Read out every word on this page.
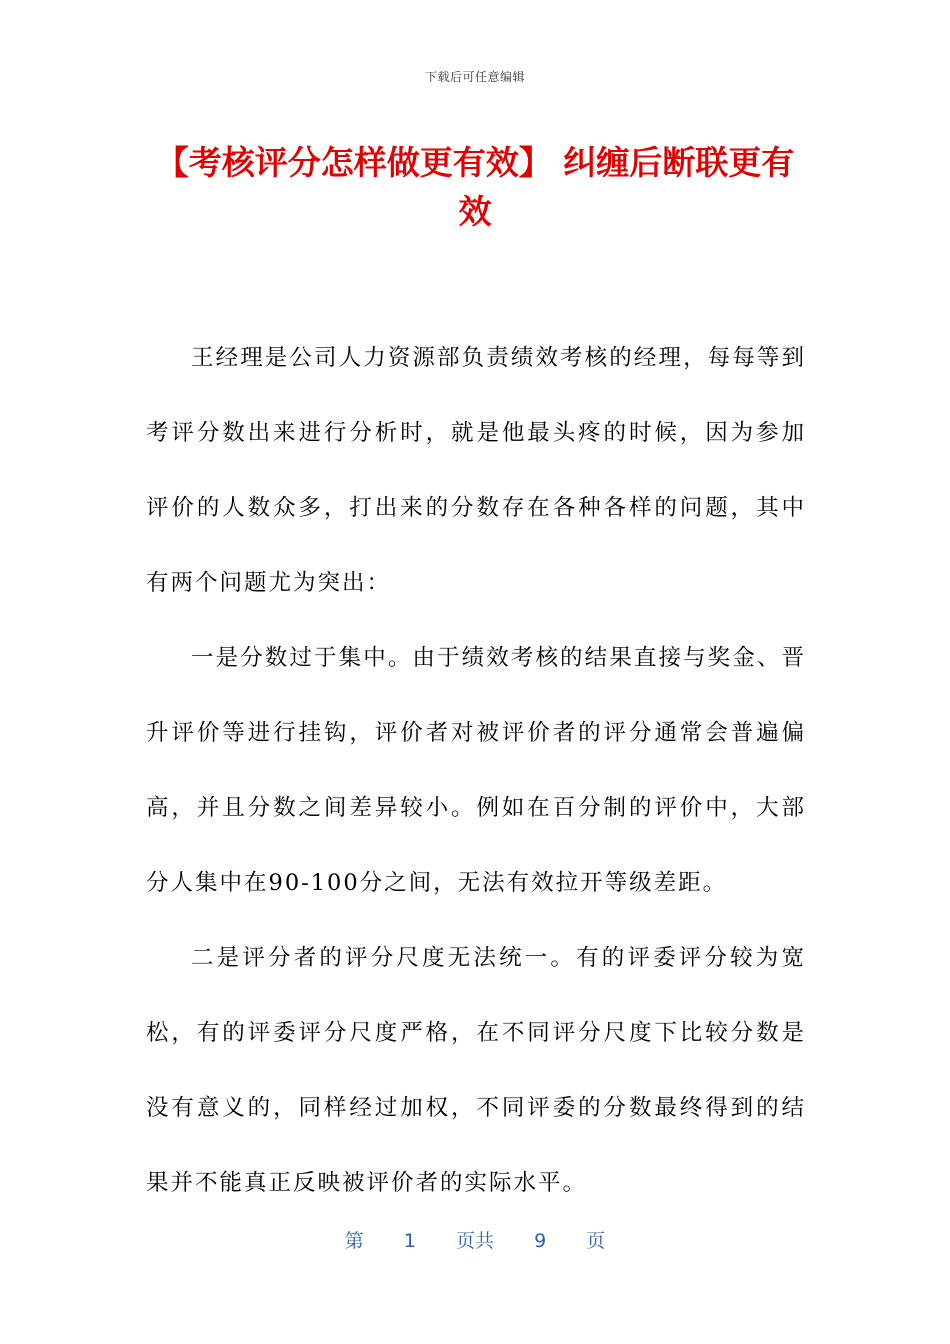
下载后可任意编辑
【考核评分怎样做更有效】 纠缠后断联更有效

王经理是公司人力资源部负责绩效考核的经理，每每等到考评分数出来进行分析时，就是他最头疼的时候，因为参加评价的人数众多，打出来的分数存在各种各样的问题，其中有两个问题尤为突出：

一是分数过于集中。由于绩效考核的结果直接与奖金、晋升评价等进行挂钩，评价者对被评价者的评分通常会普遍偏高，并且分数之间差异较小。例如在百分制的评价中，大部分人集中在90-100分之间，无法有效拉开等级差距。

二是评分者的评分尺度无法统一。有的评委评分较为宽松，有的评委评分尺度严格，在不同评分尺度下比较分数是没有意义的，同样经过加权，不同评委的分数最终得到的结果并不能真正反映被评价者的实际水平。

第 1 页共 9 页
